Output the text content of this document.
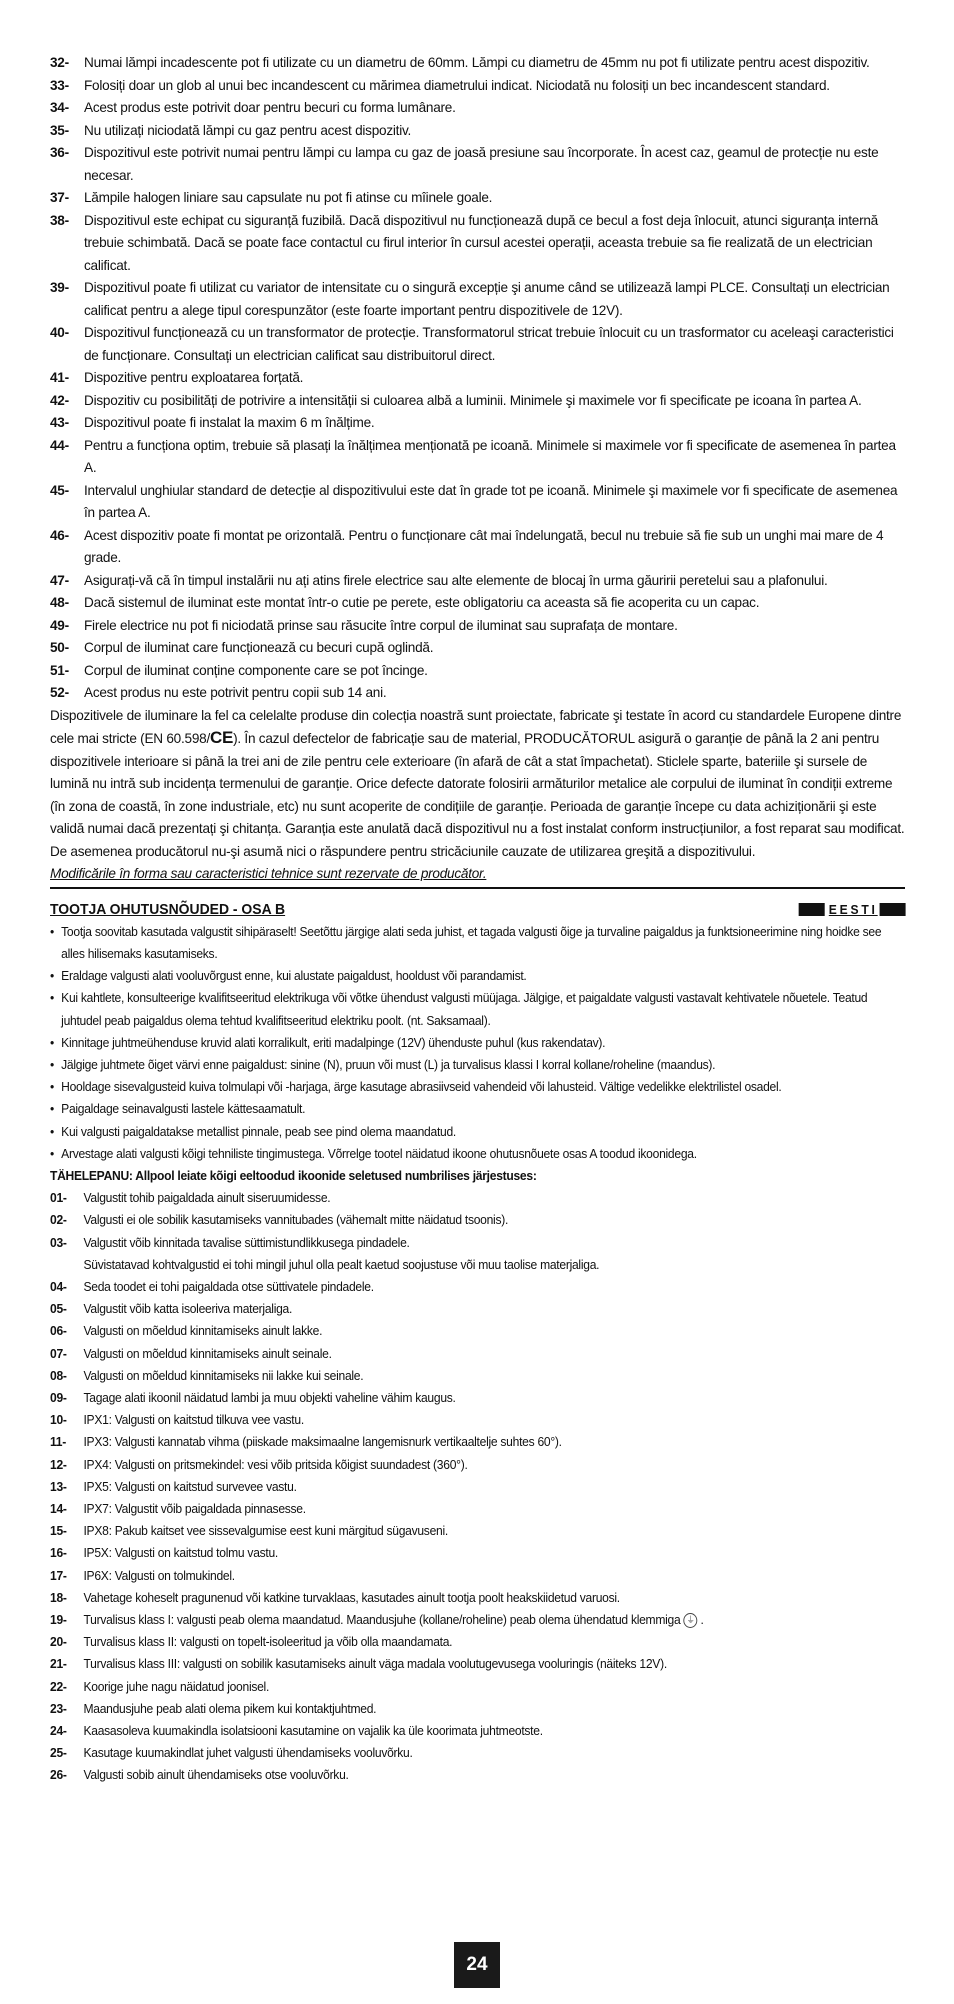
32-	Numai lămpi incadescente pot fi utilizate cu un diametru de 60mm. Lămpi cu diametru de 45mm nu pot fi utilizate pentru acest dispozitiv.
33-	Folosiți doar un glob al unui bec incandescent cu mărimea diametrului indicat. Niciodată nu folosiți un bec incandescent standard.
34-	Acest produs este potrivit doar pentru becuri cu forma lumânare.
35-	Nu utilizați niciodată lămpi cu gaz pentru acest dispozitiv.
36-	Dispozitivul este potrivit numai pentru lămpi cu lampa cu gaz de joasă presiune sau încorporate. În acest caz, geamul de protecție nu este necesar.
37-	Lămpile halogen liniare sau capsulate nu pot fi atinse cu mîinele goale.
38-	Dispozitivul este echipat cu siguranță fuzibilă. Dacă dispozitivul nu funcționează după ce becul a fost deja înlocuit, atunci siguranța internă trebuie schimbată. Dacă se poate face contactul cu firul interior în cursul acestei operații, aceasta trebuie sa fie realizată de un electrician calificat.
39-	Dispozitivul poate fi utilizat cu variator de intensitate cu o singură excepție şi anume când se utilizează lampi PLCE. Consultați un electrician calificat pentru a alege tipul corespunzător (este foarte important pentru dispozitivele de 12V).
40-	Dispozitivul funcționează cu un transformator de protecție. Transformatorul stricat trebuie înlocuit cu un trasformator cu aceleaşi caracteristici de funcționare. Consultați un electrician calificat sau distribuitorul direct.
41-	Dispozitive pentru exploatarea forțată.
42-	Dispozitiv cu posibilități de potrivire a intensității si culoarea albă a luminii. Minimele şi maximele vor fi specificate pe icoana în partea A.
43-	Dispozitivul poate fi instalat la maxim 6 m înălțime.
44-	Pentru a funcționa optim, trebuie să plasați la înălțimea menționată pe icoană. Minimele si maximele vor fi specificate de asemenea în partea A.
45-	Intervalul unghiular standard de detecție al dispozitivului este dat în grade tot pe icoană. Minimele şi maximele vor fi specificate de asemenea în partea A.
46-	Acest dispozitiv poate fi montat pe orizontală. Pentru o funcționare cât mai îndelungată, becul nu trebuie să fie sub un unghi mai mare de 4 grade.
47-	Asigurați-vă că în timpul instalării nu ați atins firele electrice sau alte elemente de blocaj în urma găuririi peretelui sau a plafonului.
48-	Dacă sistemul de iluminat este montat într-o cutie pe perete, este obligatoriu ca aceasta să fie acoperita cu un capac.
49-	Firele electrice nu pot fi niciodată prinse sau răsucite între corpul de iluminat sau suprafața de montare.
50-	Corpul de iluminat care funcționează cu becuri cupă oglindă.
51-	Corpul de iluminat conține componente care se pot încinge.
52-	Acest produs nu este potrivit pentru copii sub 14 ani.
Dispozitivele de iluminare la fel ca celelalte produse din colecția noastră sunt proiectate, fabricate şi testate în acord cu standardele Europene dintre cele mai stricte (EN 60.598/CE). În cazul defectelor de fabricație sau de material, PRODUCĂTORUL asigură o garanție de până la 2 ani pentru dispozitivele interioare si până la trei ani de zile pentru cele exterioare (în afară de cât a stat împachetat). Sticlele sparte, bateriile şi sursele de lumină nu intră sub incidența termenului de garanție. Orice defecte datorate folosirii armăturilor metalice ale corpului de iluminat în condiții extreme (în zona de coastă, în zone industriale, etc) nu sunt acoperite de condițiile de garanție. Perioada de garanție începe cu data achiziționării şi este validă numai dacă prezentați şi chitanța. Garanția este anulată dacă dispozitivul nu a fost instalat conform instrucțiunilor, a fost reparat sau modificat. De asemenea producătorul nu-şi asumă nici o răspundere pentru stricăciunile cauzate de utilizarea greşită a dispozitivului.
Modificările în forma sau caracteristici tehnice sunt rezervate de producător.
TOOTJA OHUTUSNÕUDED - OSA B	EESTI
• Tootja soovitab kasutada valgustit sihipäraselt! Seetõttu järgige alati seda juhist, et tagada valgusti õige ja turvaline paigaldus ja funktsioneerimine ning hoidke see alles hilisemaks kasutamiseks.
• Eraldage valgusti alati vooluvõrgust enne, kui alustate paigaldust, hooldust või parandamist.
• Kui kahtlete, konsulteerige kvalifitseeritud elektrikuga või võtke ühendust valgusti müüjaga. Jälgige, et paigaldate valgusti vastavalt kehtivatele nõuetele. Teatud juhtudel peab paigaldus olema tehtud kvalifitseeritud elektriku poolt. (nt. Saksamaal).
• Kinnitage juhtmeühenduse kruvid alati korralikult, eriti madalpinge (12V) ühenduste puhul (kus rakendatav).
• Jälgige juhtmete õiget värvi enne paigaldust: sinine (N), pruun või must (L) ja turvalisus klassi I korral kollane/roheline (maandus).
• Hooldage sisevalgusteid kuiva tolmulapi või -harjaga, ärge kasutage abrasiivseid vahendeid või lahusteid. Vältige vedelikke elektrilistel osadel.
• Paigaldage seinavalgusti lastele kättesaamatult.
• Kui valgusti paigaldatakse metallist pinnale, peab see pind olema maandatud.
• Arvestage alati valgusti kõigi tehniliste tingimustega. Võrrelge tootel näidatud ikoone ohutusnõuete osas A toodud ikoonidega.
TÄHELEPANU: Allpool leiate kõigi eeltoodud ikoonide seletused numbrilises järjestuses:
01-	Valgustit tohib paigaldada ainult siseruumidesse.
02-	Valgusti ei ole sobilik kasutamiseks vannitubades (vähemalt mitte näidatud tsoonis).
03-	Valgustit võib kinnitada tavalise süttimistundlikkusega pindadele.
Süvistatavad kohtvalgustid ei tohi mingil juhul olla pealt kaetud soojustuse või muu taolise materjaliga.
04-	Seda toodet ei tohi paigaldada otse süttivatele pindadele.
05-	Valgustit võib katta isoleeriva materjaliga.
06-	Valgusti on mõeldud kinnitamiseks ainult lakke.
07-	Valgusti on mõeldud kinnitamiseks ainult seinale.
08-	Valgusti on mõeldud kinnitamiseks nii lakke kui seinale.
09-	Tagage alati ikoonil näidatud lambi ja muu objekti vaheline vähim kaugus.
10-	IPX1: Valgusti on kaitstud tilkuva vee vastu.
11-	IPX3: Valgusti kannatab vihma (piiskade maksimaalne langemisnurk vertikaaltelje suhtes 60°).
12-	IPX4: Valgusti on pritsmekindel: vesi võib pritsida kõigist suundadest (360°).
13-	IPX5: Valgusti on kaitstud survevee vastu.
14-	IPX7: Valgustit võib paigaldada pinnasesse.
15-	IPX8: Pakub kaitset vee sissevalgumise eest kuni märgitud sügavuseni.
16-	IP5X: Valgusti on kaitstud tolmu vastu.
17-	IP6X: Valgusti on tolmukindel.
18-	Vahetage koheselt pragunenud või katkine turvaklaas, kasutades ainult tootja poolt heakskiidetud varuosi.
19-	Turvalisus klass I: valgusti peab olema maandatud. Maandusjuhe (kollane/roheline) peab olema ühendatud klemmiga ⏚ .
20-	Turvalisus klass II: valgusti on topelt-isoleeritud ja võib olla maandamata.
21-	Turvalisus klass III: valgusti on sobilik kasutamiseks ainult väga madala voolutugevusega vooluringis (näiteks 12V).
22-	Koorige juhe nagu näidatud joonisel.
23-	Maandusjuhe peab alati olema pikem kui kontaktjuhtmed.
24-	Kaasasoleva kuumakindla isolatsiooni kasutamine on vajalik ka üle koorimata juhtmeotste.
25-	Kasutage kuumakindlat juhet valgusti ühendamiseks vooluvõrku.
26-	Valgusti sobib ainult ühendamiseks otse vooluvõrku.
24
